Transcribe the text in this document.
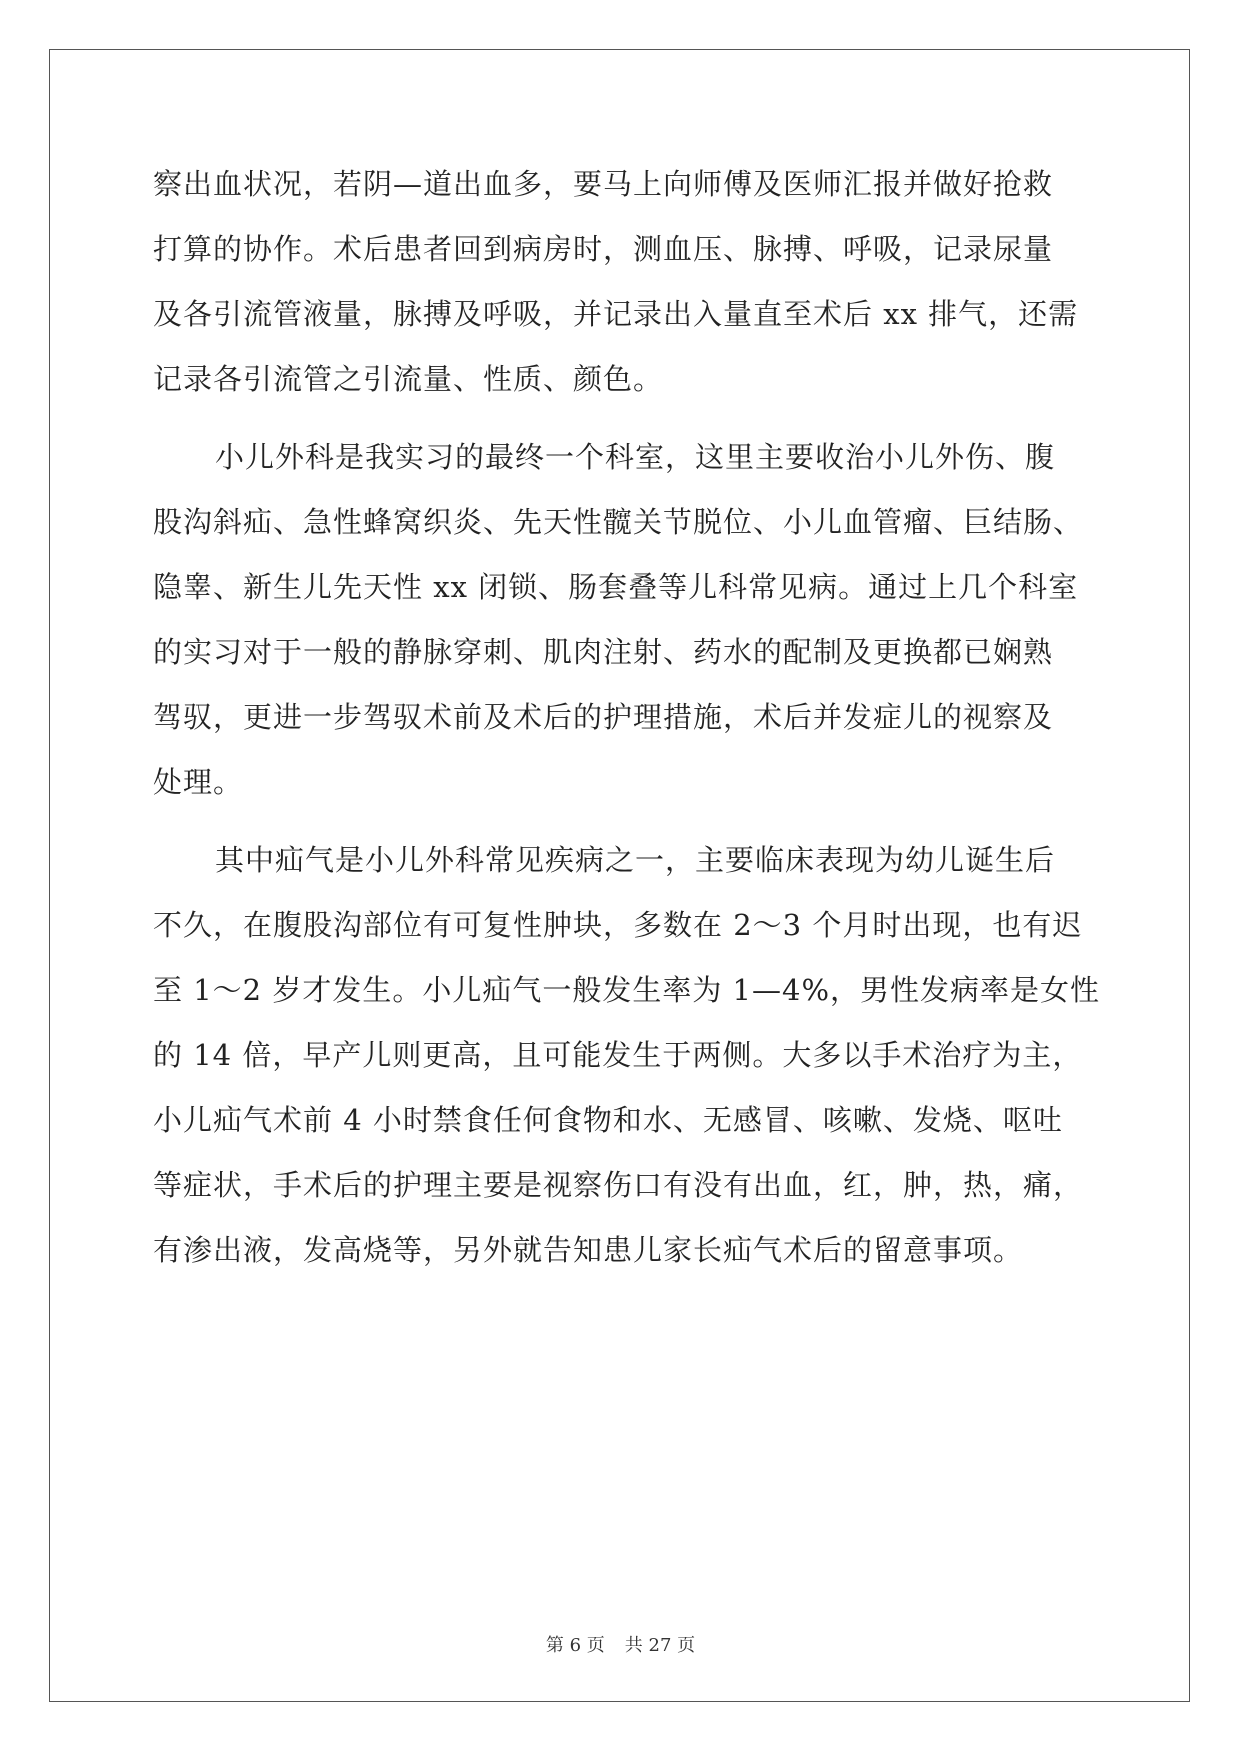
察出血状况，若阴—道出血多，要马上向师傅及医师汇报并做好抢救
打算的协作。术后患者回到病房时，测血压、脉搏、呼吸，记录尿量
及各引流管液量，脉搏及呼吸，并记录出入量直至术后 xx 排气，还需
记录各引流管之引流量、性质、颜色。
小儿外科是我实习的最终一个科室，这里主要收治小儿外伤、腹
股沟斜疝、急性蜂窝织炎、先天性髋关节脱位、小儿血管瘤、巨结肠、
隐睾、新生儿先天性 xx 闭锁、肠套叠等儿科常见病。通过上几个科室
的实习对于一般的静脉穿刺、肌肉注射、药水的配制及更换都已娴熟
驾驭，更进一步驾驭术前及术后的护理措施，术后并发症儿的视察及
处理。
其中疝气是小儿外科常见疾病之一，主要临床表现为幼儿诞生后
不久，在腹股沟部位有可复性肿块，多数在 2～3 个月时出现，也有迟
至 1～2 岁才发生。小儿疝气一般发生率为 1—4%，男性发病率是女性
的 14 倍，早产儿则更高，且可能发生于两侧。大多以手术治疗为主，
小儿疝气术前 4 小时禁食任何食物和水、无感冒、咳嗽、发烧、呕吐
等症状，手术后的护理主要是视察伤口有没有出血，红，肿，热，痛，
有渗出液，发高烧等，另外就告知患儿家长疝气术后的留意事项。
第 6 页 共 27 页
